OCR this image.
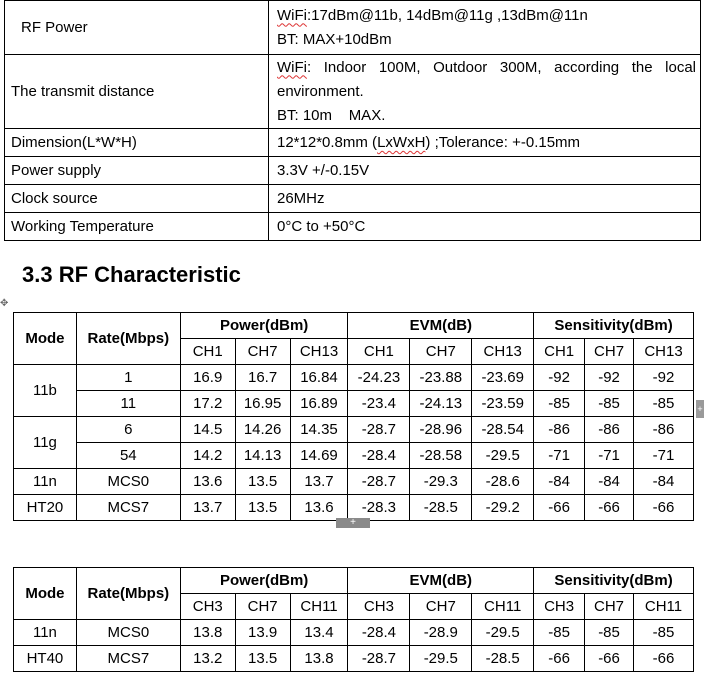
RF Power	WiFi:17dBm@11b, 14dBm@11g ,13dBm@11n
BT: MAX+10dBm

The transmit distance	WiFi: Indoor 100M, Outdoor 300M, according the local
environment.
BT: 10m    MAX.

Dimension(L*W*H)	12*12*0.8mm (LxWxH) ;Tolerance: +-0.15mm
Power supply	3.3V +/-0.15V
Clock source	26MHz
Working Temperature	0°C to +50°C
3.3 RF Characteristic
✥
Mode	Rate(Mbps)	Power(dBm)			EVM(dB)			Sensitivity(dBm)		
		CH1	CH7	CH13	CH1	CH7	CH13	CH1	CH7	CH13
11b	1	16.9	16.7	16.84	-24.23	-23.88	-23.69	-92	-92	-92
	11	17.2	16.95	16.89	-23.4	-24.13	-23.59	-85	-85	-85
11g	6	14.5	14.26	14.35	-28.7	-28.96	-28.54	-86	-86	-86
	54	14.2	14.13	14.69	-28.4	-28.58	-29.5	-71	-71	-71
11n	MCS0	13.6	13.5	13.7	-28.7	-29.3	-28.6	-84	-84	-84
HT20	MCS7	13.7	13.5	13.6	-28.3	-28.5	-29.2	-66	-66	-66
+
+
Mode	Rate(Mbps)	Power(dBm)			EVM(dB)			Sensitivity(dBm)		
		CH3	CH7	CH11	CH3	CH7	CH11	CH3	CH7	CH11
11n	MCS0	13.8	13.9	13.4	-28.4	-28.9	-29.5	-85	-85	-85
HT40	MCS7	13.2	13.5	13.8	-28.7	-29.5	-28.5	-66	-66	-66
